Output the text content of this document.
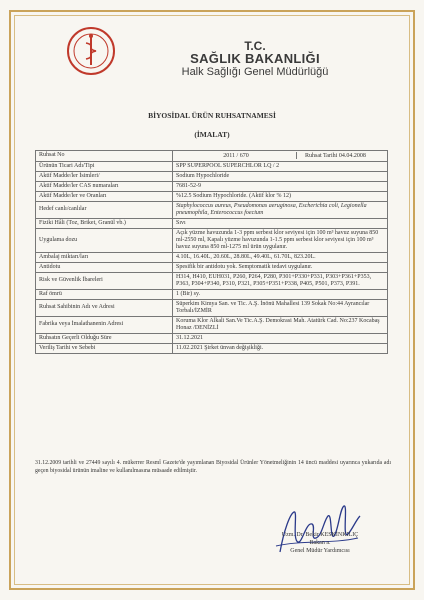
T.C.
SAĞLIK BAKANLIĞI
Halk Sağlığı Genel Müdürlüğü
BİYOSİDAL ÜRÜN RUHSATNAMESİ
(İMALAT)
Ruhsat No	2011 / 670 Ruhsat Tarihi 04.04.2008
Ürünün Ticari Adı/Tipi	SPP SUPERPOOL SUPERCHLOR LQ / 2
Aktif Madde/ler İsimleri/	Sodium Hypochloride
Aktif Madde/ler CAS numaraları	7681-52-9
Aktif Madde/ler ve Oranları	%12.5 Sodium Hypochloride. (Aktif klor % 12)
Hedef canlı/canlılar	Staphylococcus aureus, Pseudomonas aeruginosa, Escherichia coli, Legionella pneumophila, Enterococcus foecium
Fiziki Hâli (Toz, Briket, Granül vb.)	Sıvı
Uygulama dozu	Açık yüzme havuzunda 1-3 ppm serbest klor seviyesi için 100 m³ havuz suyuna 850 ml-2550 ml, Kapalı yüzme havuzunda 1-1.5 ppm serbest klor seviyesi için 100 m³ havuz suyuna 850 ml-1275 ml ürün uygulanır.
Ambalaj miktarı/ları	4.10L, 16.40L, 20.60L, 28.80L, 49.40L, 61.70L, 823.20L.
Antidotu	Spesifik bir antidotu yok. Semptomatik tedavi uygulanır.
Risk ve Güvenlik İbareleri	H314, H410, EUH031, P260, P264, P280, P301+P330+P331, P303+P361+P353, P363, P304+P340, P310, P321, P305+P351+P338, P405, P501, P373, P391.
Raf ömrü	1 (Bir) sy.
Ruhsat Sahibinin Adı ve Adresi	Süperkim Kimya San. ve Tic. A.Ş. İnönü Mahallesi 139 Sokak No:44 Ayrancılar Torbalı/İZMİR
Fabrika veya İmalathanenin Adresi	Koruma Klor Alkali San.Ve Tic.A.Ş. Demokrasi Mah. Atatürk Cad. No:237 Kocabaş Honaz /DENİZLİ
Ruhsatın Geçerli Olduğu Süre	31.12.2021
Veriliş Tarihi ve Sebebi	11.02.2021 Şirket ünvan değişikliği.
31.12.2009 tarihli ve 27449 sayılı 4. mükerrer Resmî Gazete'de yayımlanan Biyosidal Ürünler Yönetmeliğinin 14 üncü maddesi uyarınca yukarıda adı geçen biyosidal ürünün imaline ve kullanılmasına müsaade edilmiştir.
Uzm. Dr. Bekir KESKİNKILIÇ
Bakan a.
Genel Müdür Yardımcısı
